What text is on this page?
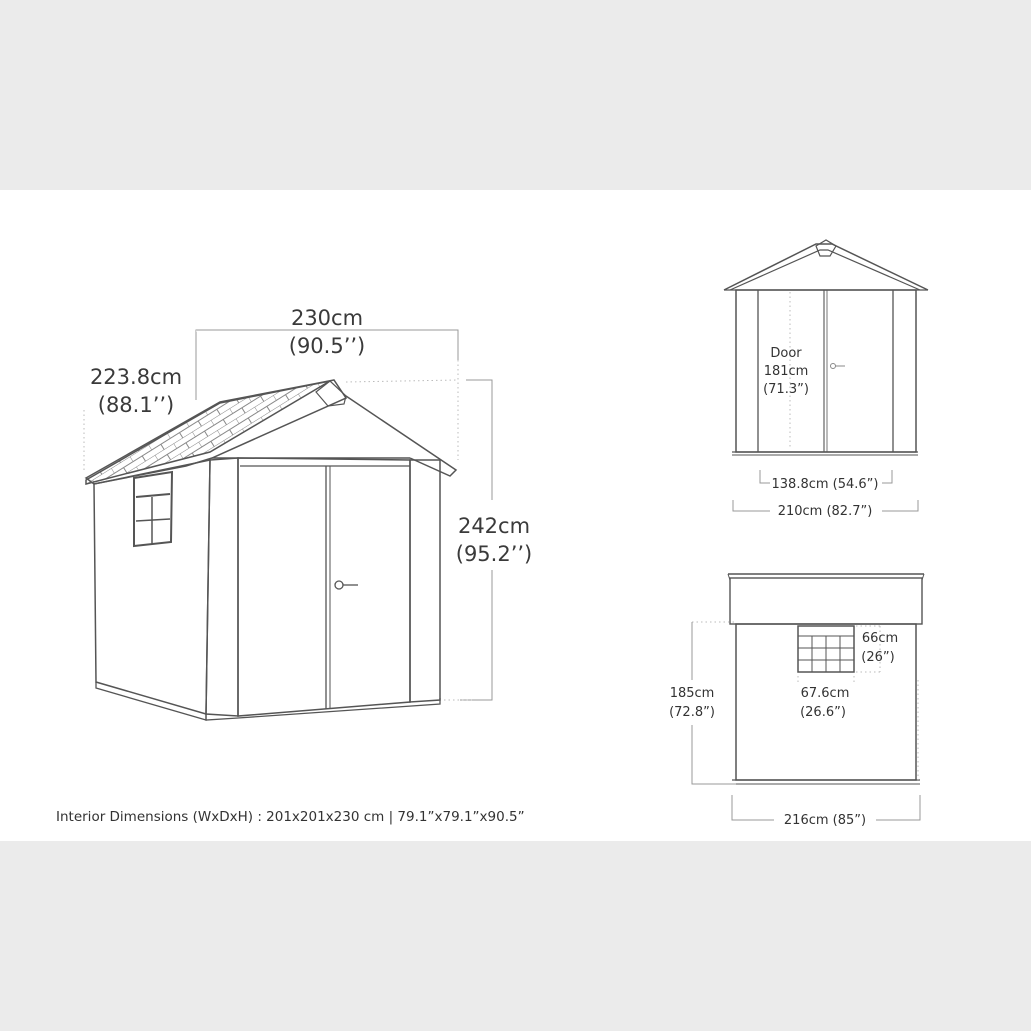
230cm
(90.5’’)
223.8cm
(88.1’’)
242cm
(95.2’’)
Door
181cm
(71.3”)
138.8cm (54.6”)
210cm (82.7”)
66cm
(26”)
67.6cm
(26.6”)
185cm
(72.8”)
216cm (85”)
Interior Dimensions (WxDxH) : 201x201x230 cm | 79.1”x79.1”x90.5”
